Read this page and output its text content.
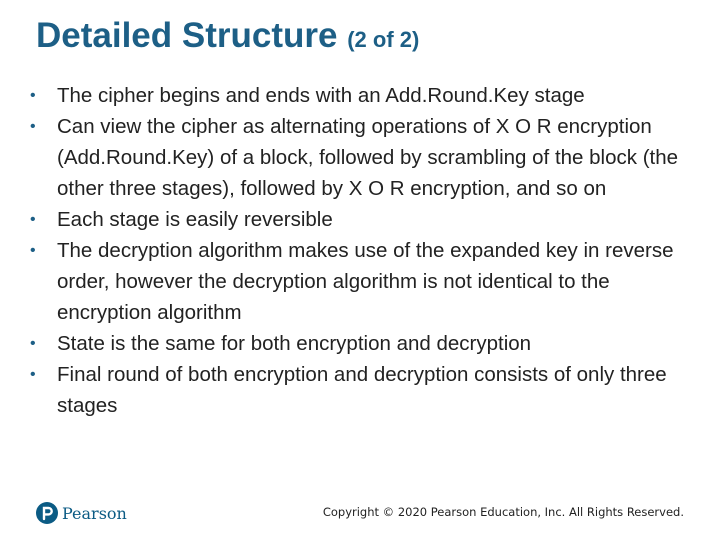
Detailed Structure (2 of 2)
• The cipher begins and ends with an Add.Round.Key stage
• Can view the cipher as alternating operations of X O R encryption (Add.Round.Key) of a block, followed by scrambling of the block (the other three stages), followed by X O R encryption, and so on
• Each stage is easily reversible
• The decryption algorithm makes use of the expanded key in reverse order, however the decryption algorithm is not identical to the encryption algorithm
• State is the same for both encryption and decryption
• Final round of both encryption and decryption consists of only three stages
Pearson	Copyright © 2020 Pearson Education, Inc. All Rights Reserved.
